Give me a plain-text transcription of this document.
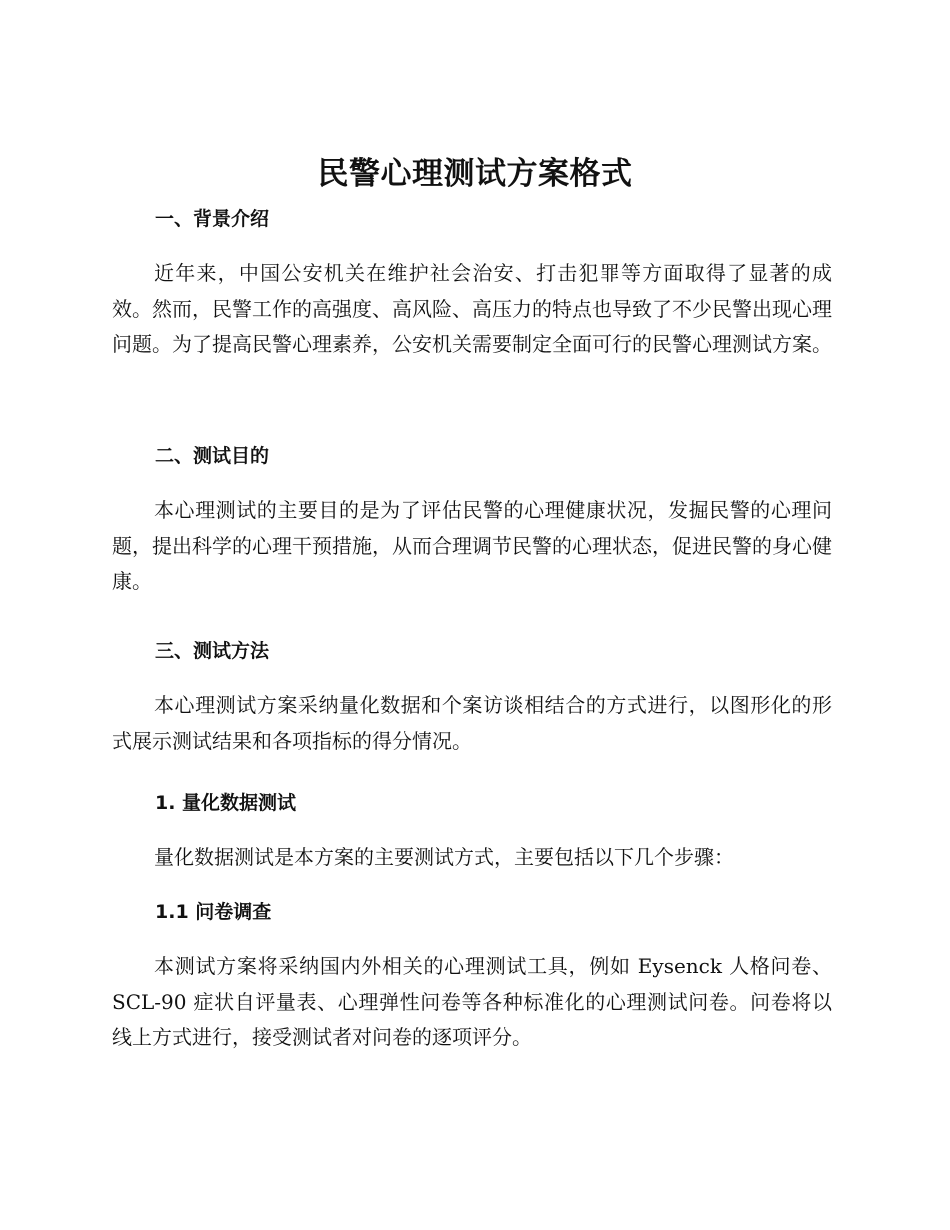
民警心理测试方案格式
一、背景介绍

近年来，中国公安机关在维护社会治安、打击犯罪等方面取得了显著的成效。然而，民警工作的高强度、高风险、高压力的特点也导致了不少民警出现心理问题。为了提高民警心理素养，公安机关需要制定全面可行的民警心理测试方案。

二、测试目的

本心理测试的主要目的是为了评估民警的心理健康状况，发掘民警的心理问题，提出科学的心理干预措施，从而合理调节民警的心理状态，促进民警的身心健康。

三、测试方法

本心理测试方案采纳量化数据和个案访谈相结合的方式进行，以图形化的形式展示测试结果和各项指标的得分情况。

1. 量化数据测试

量化数据测试是本方案的主要测试方式，主要包括以下几个步骤：

1.1 问卷调查

本测试方案将采纳国内外相关的心理测试工具，例如 Eysenck 人格问卷、SCL-90 症状自评量表、心理弹性问卷等各种标准化的心理测试问卷。问卷将以线上方式进行，接受测试者对问卷的逐项评分。
